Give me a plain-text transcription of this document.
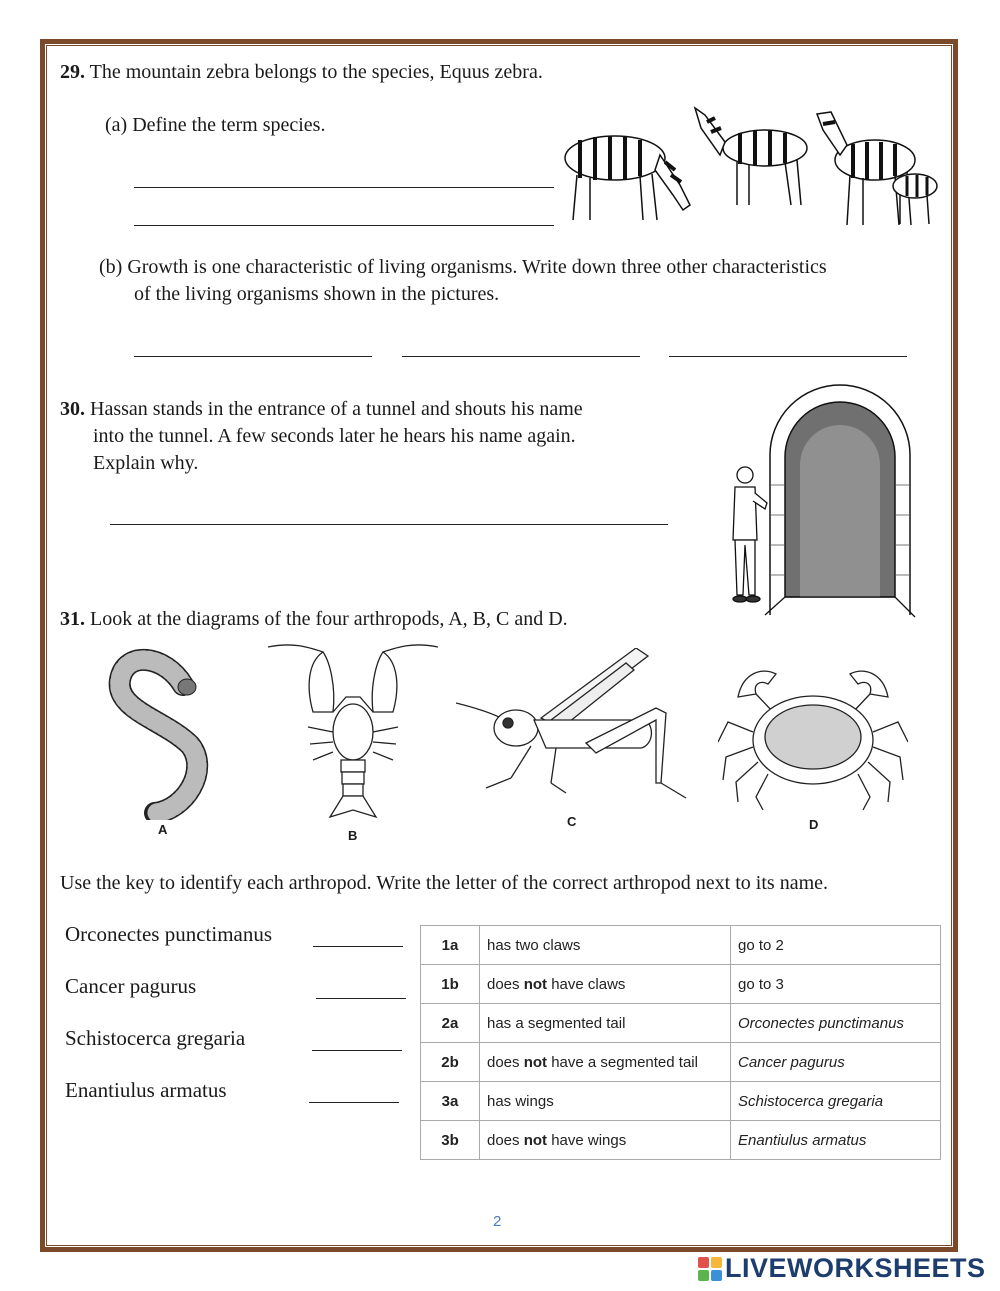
29. The mountain zebra belongs to the species, Equus zebra.
(a) Define the term species.
(b) Growth is one characteristic of living organisms. Write down three other characteristics
of the living organisms shown in the pictures.
30. Hassan stands in the entrance of a tunnel and shouts his name
into the tunnel. A few seconds later he hears his name again.
Explain why.
31. Look at the diagrams of the four arthropods, A, B, C and D.
A	B
C	D
Use the key to identify each arthropod. Write the letter of the correct arthropod next to its name.
Orconectes punctimanus
Cancer pagurus
Schistocerca gregaria
Enantiulus armatus
1a	has two claws	go to 2
1b	does not have claws	go to 3
2a	has a segmented tail	Orconectes punctimanus
2b	does not have a segmented tail	Cancer pagurus
3a	has wings	Schistocerca gregaria
3b	does not have wings	Enantiulus armatus
2
LIVEWORKSHEETS
